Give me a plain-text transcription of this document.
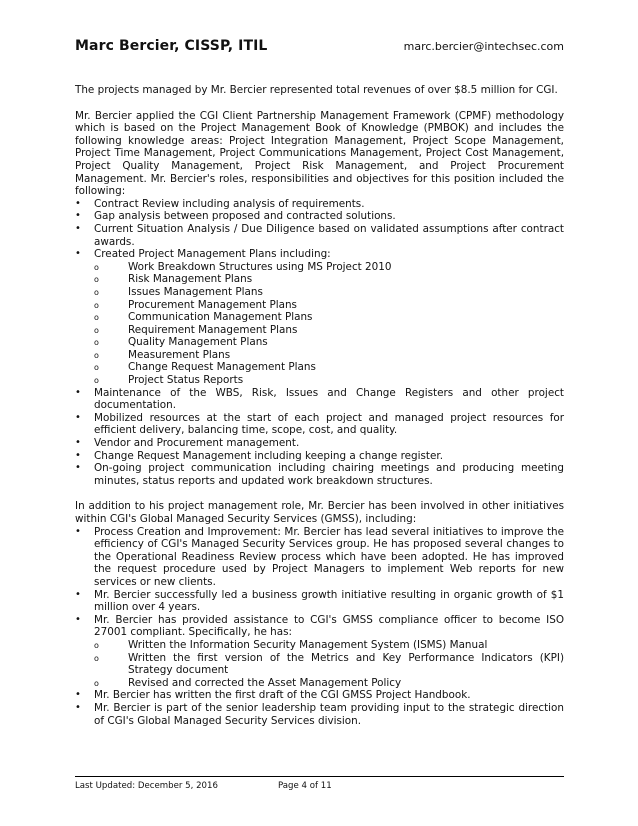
Marc Bercier, CISSP, ITIL	marc.bercier@intechsec.com

The projects managed by Mr. Bercier represented total revenues of over $8.5 million for CGI.

Mr. Bercier applied the CGI Client Partnership Management Framework (CPMF) methodology which is based on the Project Management Book of Knowledge (PMBOK) and includes the following knowledge areas: Project Integration Management, Project Scope Management, Project Time Management, Project Communications Management, Project Cost Management, Project Quality Management, Project Risk Management, and Project Procurement Management. Mr. Bercier's roles, responsibilities and objectives for this position included the following:

•	Contract Review including analysis of requirements.
•	Gap analysis between proposed and contracted solutions.
•	Current Situation Analysis / Due Diligence based on validated assumptions after contract awards.
•	Created Project Management Plans including:
o	Work Breakdown Structures using MS Project 2010
o	Risk Management Plans
o	Issues Management Plans
o	Procurement Management Plans
o	Communication Management Plans
o	Requirement Management Plans
o	Quality Management Plans
o	Measurement Plans
o	Change Request Management Plans
o	Project Status Reports
•	Maintenance of the WBS, Risk, Issues and Change Registers and other project documentation.
•	Mobilized resources at the start of each project and managed project resources for efficient delivery, balancing time, scope, cost, and quality.
•	Vendor and Procurement management.
•	Change Request Management including keeping a change register.
•	On-going project communication including chairing meetings and producing meeting minutes, status reports and updated work breakdown structures.

In addition to his project management role, Mr. Bercier has been involved in other initiatives within CGI's Global Managed Security Services (GMSS), including:

•	Process Creation and Improvement: Mr. Bercier has lead several initiatives to improve the efficiency of CGI's Managed Security Services group. He has proposed several changes to the Operational Readiness Review process which have been adopted. He has improved the request procedure used by Project Managers to implement Web reports for new services or new clients.
•	Mr. Bercier successfully led a business growth initiative resulting in organic growth of $1 million over 4 years.
•	Mr. Bercier has provided assistance to CGI's GMSS compliance officer to become ISO 27001 compliant. Specifically, he has:
o	Written the Information Security Management System (ISMS) Manual
o	Written the first version of the Metrics and Key Performance Indicators (KPI) Strategy document
o	Revised and corrected the Asset Management Policy
•	Mr. Bercier has written the first draft of the CGI GMSS Project Handbook.
•	Mr. Bercier is part of the senior leadership team providing input to the strategic direction of CGI's Global Managed Security Services division.
Last Updated: December 5, 2016	Page 4 of 11
